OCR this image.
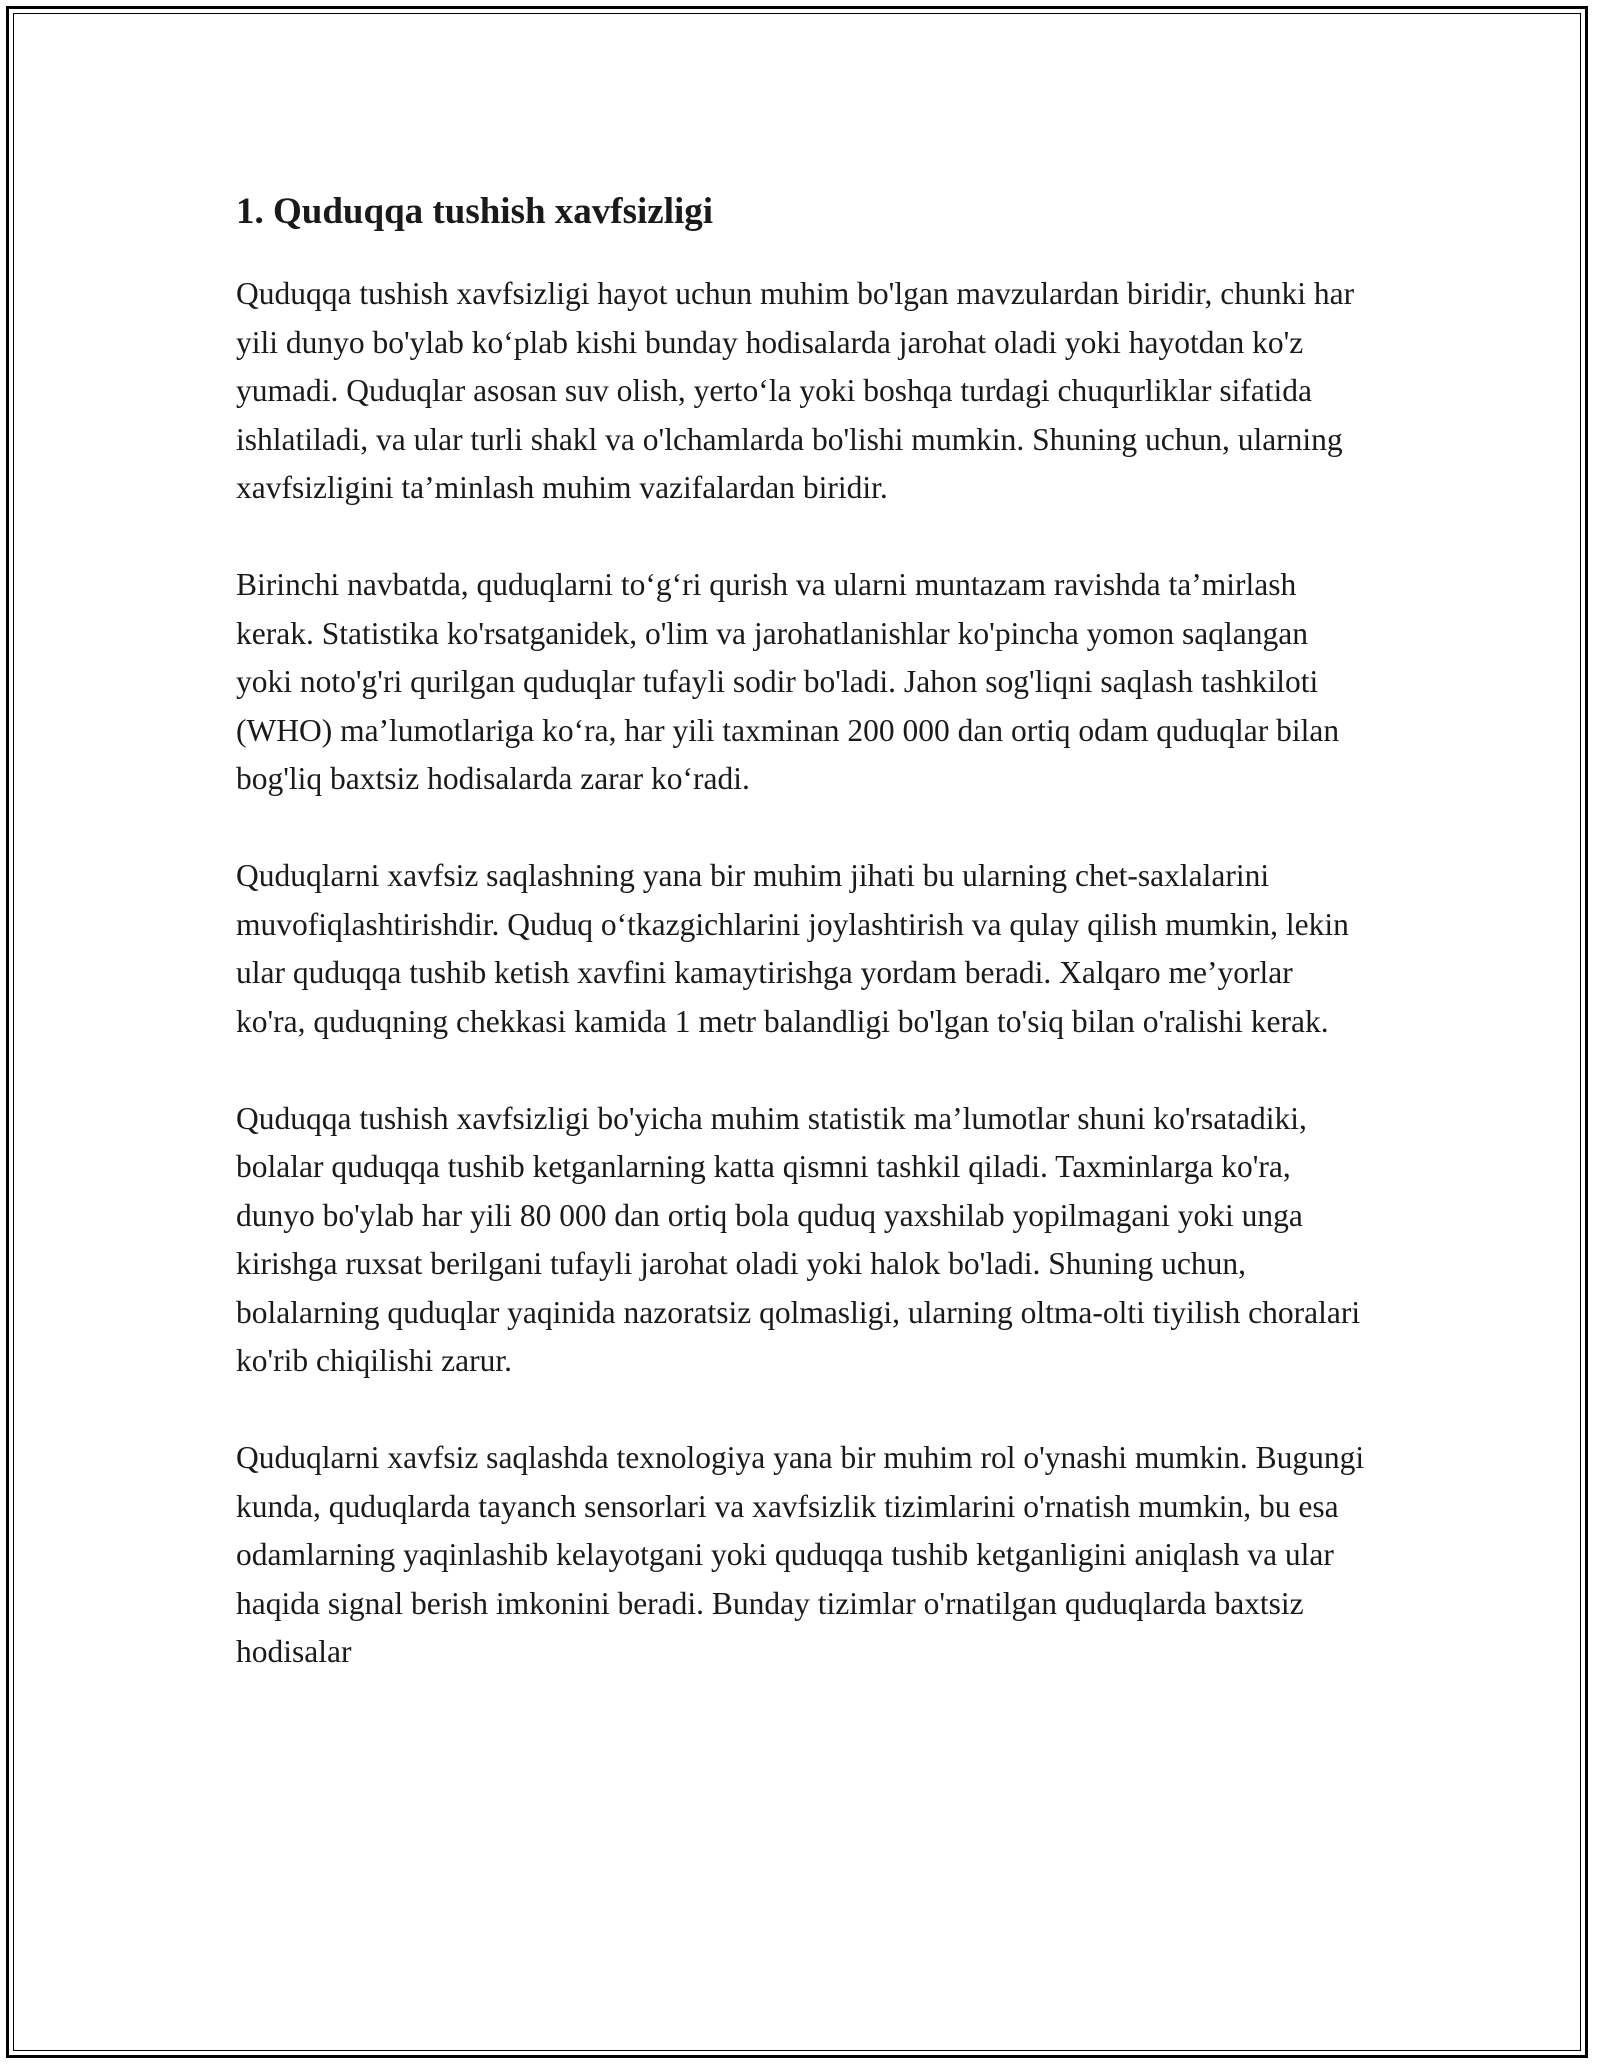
1. Quduqqa tushish xavfsizligi

Quduqqa tushish xavfsizligi hayot uchun muhim bo'lgan mavzulardan biridir, chunki har yili dunyo bo'ylab koʻplab kishi bunday hodisalarda jarohat oladi yoki hayotdan ko'z yumadi. Quduqlar asosan suv olish, yertoʻla yoki boshqa turdagi chuqurliklar sifatida ishlatiladi, va ular turli shakl va o'lchamlarda bo'lishi mumkin. Shuning uchun, ularning xavfsizligini taʼminlash muhim vazifalardan biridir.

Birinchi navbatda, quduqlarni toʻgʻri qurish va ularni muntazam ravishda taʼmirlash kerak. Statistika ko'rsatganidek, o'lim va jarohatlanishlar ko'pincha yomon saqlangan yoki noto'g'ri qurilgan quduqlar tufayli sodir bo'ladi. Jahon sog'liqni saqlash tashkiloti (WHO) maʼlumotlariga koʻra, har yili taxminan 200 000 dan ortiq odam quduqlar bilan bog'liq baxtsiz hodisalarda zarar koʻradi.

Quduqlarni xavfsiz saqlashning yana bir muhim jihati bu ularning chet-saxlalarini muvofiqlashtirishdir. Quduq oʻtkazgichlarini joylashtirish va qulay qilish mumkin, lekin ular quduqqa tushib ketish xavfini kamaytirishga yordam beradi. Xalqaro meʼyorlar ko'ra, quduqning chekkasi kamida 1 metr balandligi bo'lgan to'siq bilan o'ralishi kerak.

Quduqqa tushish xavfsizligi bo'yicha muhim statistik maʼlumotlar shuni ko'rsatadiki, bolalar quduqqa tushib ketganlarning katta qismni tashkil qiladi. Taxminlarga ko'ra, dunyo bo'ylab har yili 80 000 dan ortiq bola quduq yaxshilab yopilmagani yoki unga kirishga ruxsat berilgani tufayli jarohat oladi yoki halok bo'ladi. Shuning uchun, bolalarning quduqlar yaqinida nazoratsiz qolmasligi, ularning oltma-olti tiyilish choralari ko'rib chiqilishi zarur.

Quduqlarni xavfsiz saqlashda texnologiya yana bir muhim rol o'ynashi mumkin. Bugungi kunda, quduqlarda tayanch sensorlari va xavfsizlik tizimlarini o'rnatish mumkin, bu esa odamlarning yaqinlashib kelayotgani yoki quduqqa tushib ketganligini aniqlash va ular haqida signal berish imkonini beradi. Bunday tizimlar o'rnatilgan quduqlarda baxtsiz hodisalar
